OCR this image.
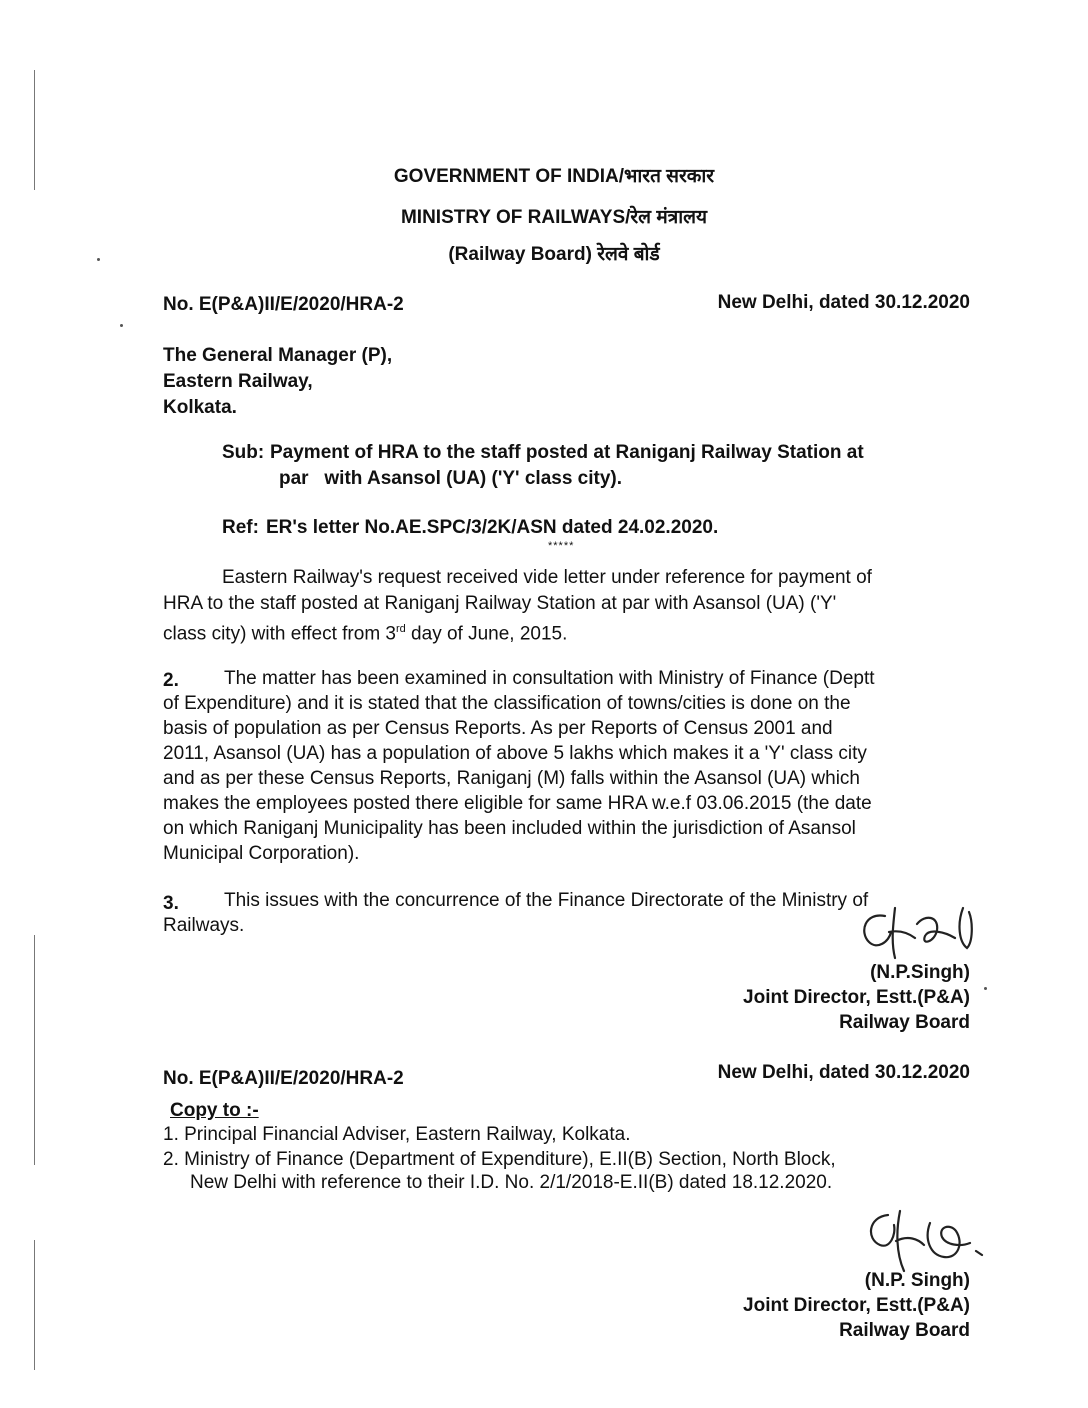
GOVERNMENT OF INDIA/भारत सरकार
MINISTRY OF RAILWAYS/रेल मंत्रालय
(Railway Board) रेलवे बोर्ड
No. E(P&A)II/E/2020/HRA-2	New Delhi, dated 30.12.2020
The General Manager (P),
Eastern Railway,
Kolkata.
Sub: Payment of HRA to the staff posted at Raniganj Railway Station at
par   with Asansol (UA) ('Y' class city).
Ref: ER's letter No.AE.SPC/3/2K/ASN dated 24.02.2020.
*****
Eastern Railway's request received vide letter under reference for payment of
HRA to the staff posted at Raniganj Railway Station at par with Asansol (UA) ('Y'
class city) with effect from 3rd day of June, 2015.
2. The matter has been examined in consultation with Ministry of Finance (Deptt
of Expenditure) and it is stated that the classification of towns/cities is done on the
basis of population as per Census Reports. As per Reports of Census 2001 and
2011, Asansol (UA) has a population of above 5 lakhs which makes it a 'Y' class city
and as per these Census Reports, Raniganj (M) falls within the Asansol (UA) which
makes the employees posted there eligible for same HRA w.e.f 03.06.2015 (the date
on which Raniganj Municipality has been included within the jurisdiction of Asansol
Municipal Corporation).
3. This issues with the concurrence of the Finance Directorate of the Ministry of
Railways.
(N.P.Singh)
Joint Director, Estt.(P&A)
Railway Board
No. E(P&A)II/E/2020/HRA-2	New Delhi, dated 30.12.2020
Copy to :-
1. Principal Financial Adviser, Eastern Railway, Kolkata.
2. Ministry of Finance (Department of Expenditure), E.II(B) Section, North Block,
New Delhi with reference to their I.D. No. 2/1/2018-E.II(B) dated 18.12.2020.
(N.P. Singh)
Joint Director, Estt.(P&A)
Railway Board
